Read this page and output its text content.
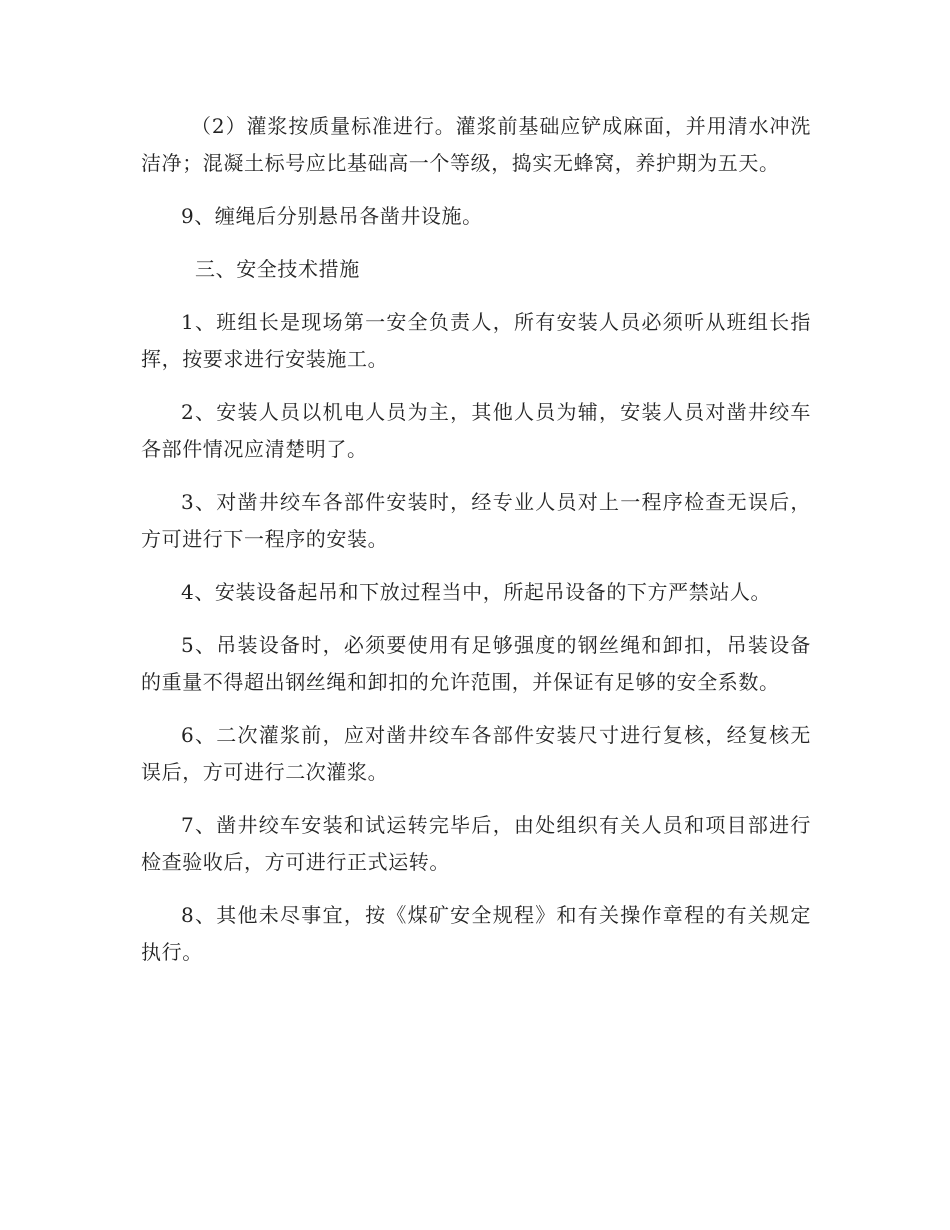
（2）灌浆按质量标准进行。灌浆前基础应铲成麻面，并用清水冲洗洁净；混凝土标号应比基础高一个等级，捣实无蜂窝，养护期为五天。

9、缠绳后分别悬吊各凿井设施。

三、安全技术措施

1、班组长是现场第一安全负责人，所有安装人员必须听从班组长指挥，按要求进行安装施工。

2、安装人员以机电人员为主，其他人员为辅，安装人员对凿井绞车各部件情况应清楚明了。

3、对凿井绞车各部件安装时，经专业人员对上一程序检查无误后，方可进行下一程序的安装。

4、安装设备起吊和下放过程当中，所起吊设备的下方严禁站人。

5、吊装设备时，必须要使用有足够强度的钢丝绳和卸扣，吊装设备的重量不得超出钢丝绳和卸扣的允许范围，并保证有足够的安全系数。

6、二次灌浆前，应对凿井绞车各部件安装尺寸进行复核，经复核无误后，方可进行二次灌浆。

7、凿井绞车安装和试运转完毕后，由处组织有关人员和项目部进行检查验收后，方可进行正式运转。

8、其他未尽事宜，按《煤矿安全规程》和有关操作章程的有关规定执行。
